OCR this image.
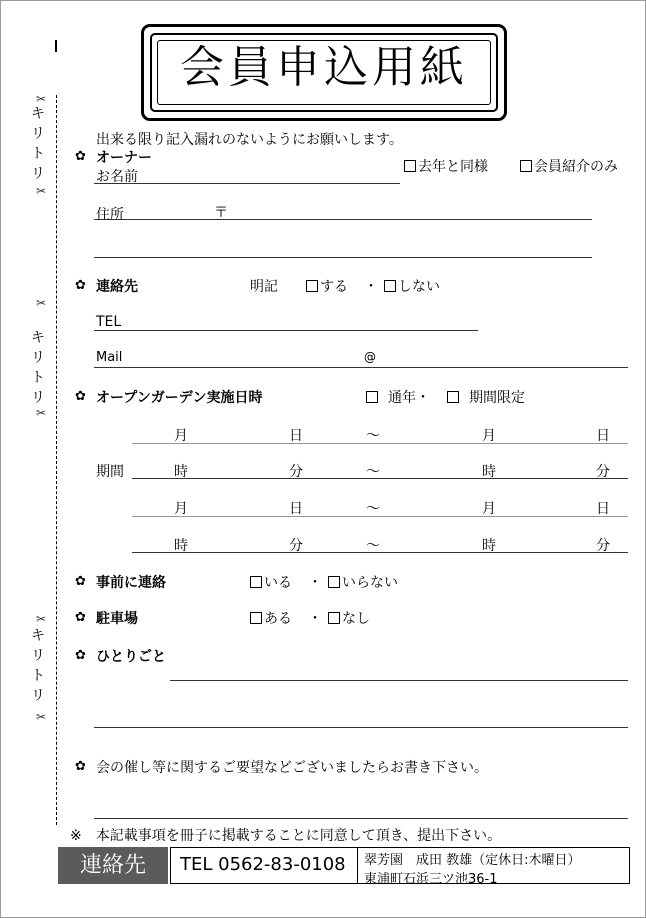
会員申込用紙
✂
キリトリ
✂
✂
キリトリ
✂
✂
キリトリ
✂
出来る限り記入漏れのないようにお願いします。
✿ オーナー
去年と同様	会員紹介のみ
お名前
住所	〒
✿ 連絡先	明記	する ・	しない
TEL
Mail	@
✿ オープンガーデン実施日時	通年・	期間限定
月	日	～	月	日
期間	時	分	～	時	分
月	日	～	月	日
時	分	～	時	分
✿ 事前に連絡	いる ・	いらない
✿ 駐車場	ある ・	なし
✿ ひとりごと
✿ 会の催し等に関するご要望などございましたらお書き下さい。
※　本記載事項を冊子に掲載することに同意して頂き、提出下さい。
連絡先	TEL 0562-83-0108 翠芳園　成田 教雄（定休日:木曜日）
東浦町石浜三ツ池36-1
